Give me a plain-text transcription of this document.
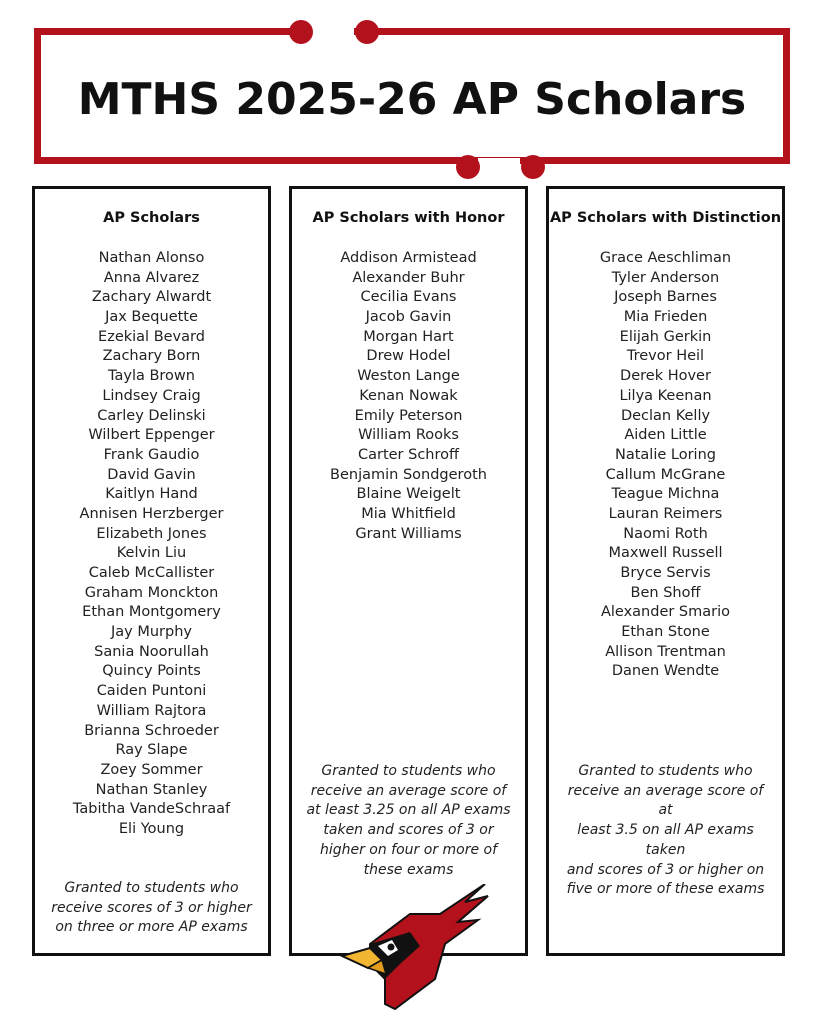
MTHS 2025-26 AP Scholars
AP Scholars
Nathan Alonso
Anna Alvarez
Zachary Alwardt
Jax Bequette
Ezekial Bevard
Zachary Born
Tayla Brown
Lindsey Craig
Carley Delinski
Wilbert Eppenger
Frank Gaudio
David Gavin
Kaitlyn Hand
Annisen Herzberger
Elizabeth Jones
Kelvin Liu
Caleb McCallister
Graham Monckton
Ethan Montgomery
Jay Murphy
Sania Noorullah
Quincy Points
Caiden Puntoni
William Rajtora
Brianna Schroeder
Ray Slape
Zoey Sommer
Nathan Stanley
Tabitha VandeSchraaf
Eli Young
Granted to students who
receive scores of 3 or higher
on three or more AP exams
AP Scholars with Honor
Addison Armistead
Alexander Buhr
Cecilia Evans
Jacob Gavin
Morgan Hart
Drew Hodel
Weston Lange
Kenan Nowak
Emily Peterson
William Rooks
Carter Schroff
Benjamin Sondgeroth
Blaine Weigelt
Mia Whitfield
Grant Williams
Granted to students who
receive an average score of
at least 3.25 on all AP exams
taken and scores of 3 or
higher on four or more of
these exams
AP Scholars with Distinction
Grace Aeschliman
Tyler Anderson
Joseph Barnes
Mia Frieden
Elijah Gerkin
Trevor Heil
Derek Hover
Lilya Keenan
Declan Kelly
Aiden Little
Natalie Loring
Callum McGrane
Teague Michna
Lauran Reimers
Naomi Roth
Maxwell Russell
Bryce Servis
Ben Shoff
Alexander Smario
Ethan Stone
Allison Trentman
Danen Wendte
Granted to students who
receive an average score of at
least 3.5 on all AP exams taken
and scores of 3 or higher on
five or more of these exams
